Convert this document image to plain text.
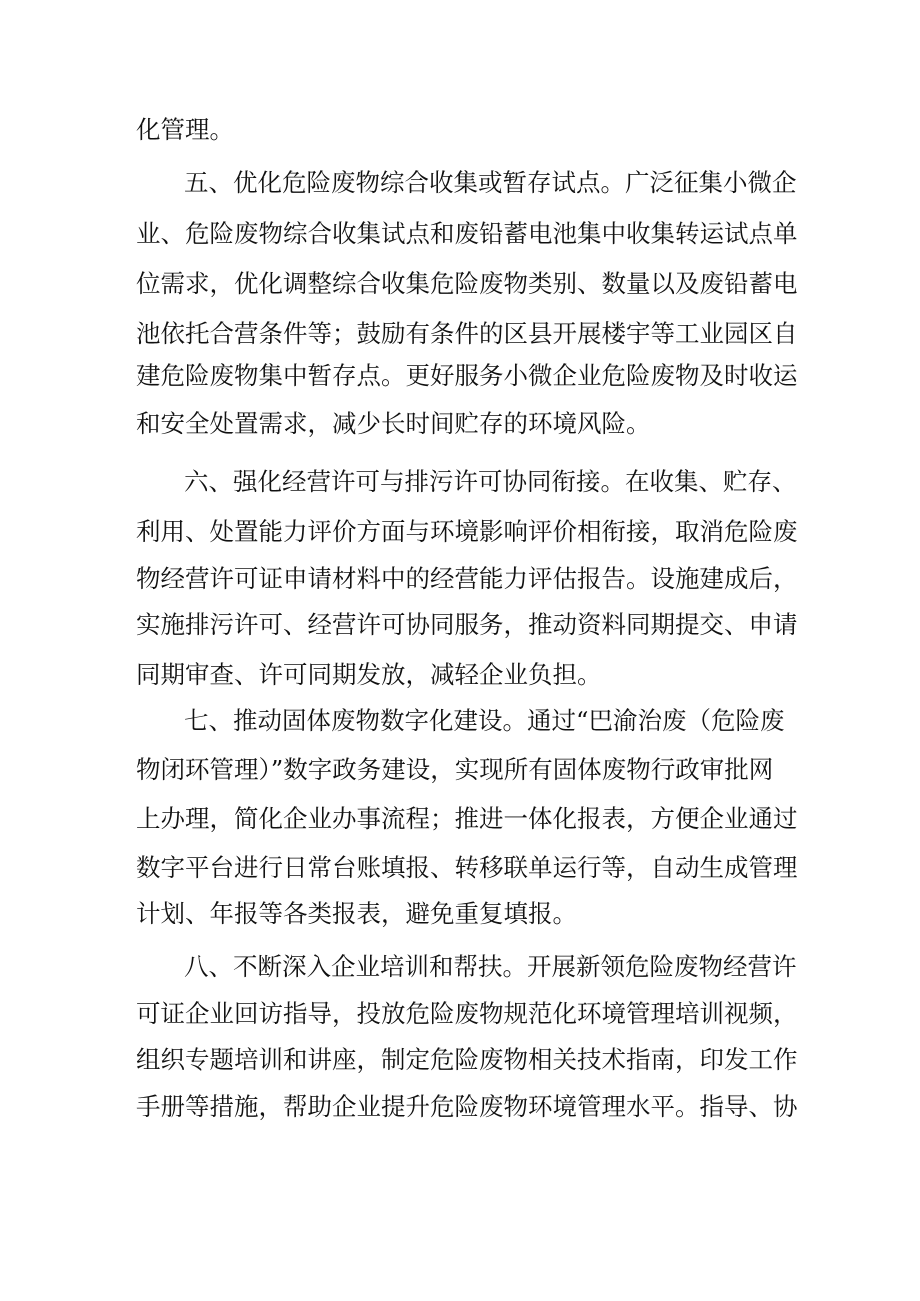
化管理。
五、优化危险废物综合收集或暂存试点。广泛征集小微企
业、危险废物综合收集试点和废铅蓄电池集中收集转运试点单
位需求，优化调整综合收集危险废物类别、数量以及废铅蓄电
池依托合营条件等；鼓励有条件的区县开展楼宇等工业园区自
建危险废物集中暂存点。更好服务小微企业危险废物及时收运
和安全处置需求，减少长时间贮存的环境风险。
六、强化经营许可与排污许可协同衔接。在收集、贮存、
利用、处置能力评价方面与环境影响评价相衔接，取消危险废
物经营许可证申请材料中的经营能力评估报告。设施建成后，
实施排污许可、经营许可协同服务，推动资料同期提交、申请
同期审查、许可同期发放，减轻企业负担。
七、推动固体废物数字化建设。通过“巴渝治废（危险废
物闭环管理）”数字政务建设，实现所有固体废物行政审批网
上办理，简化企业办事流程；推进一体化报表，方便企业通过
数字平台进行日常台账填报、转移联单运行等，自动生成管理
计划、年报等各类报表，避免重复填报。
八、不断深入企业培训和帮扶。开展新领危险废物经营许
可证企业回访指导，投放危险废物规范化环境管理培训视频，
组织专题培训和讲座，制定危险废物相关技术指南，印发工作
手册等措施，帮助企业提升危险废物环境管理水平。指导、协
